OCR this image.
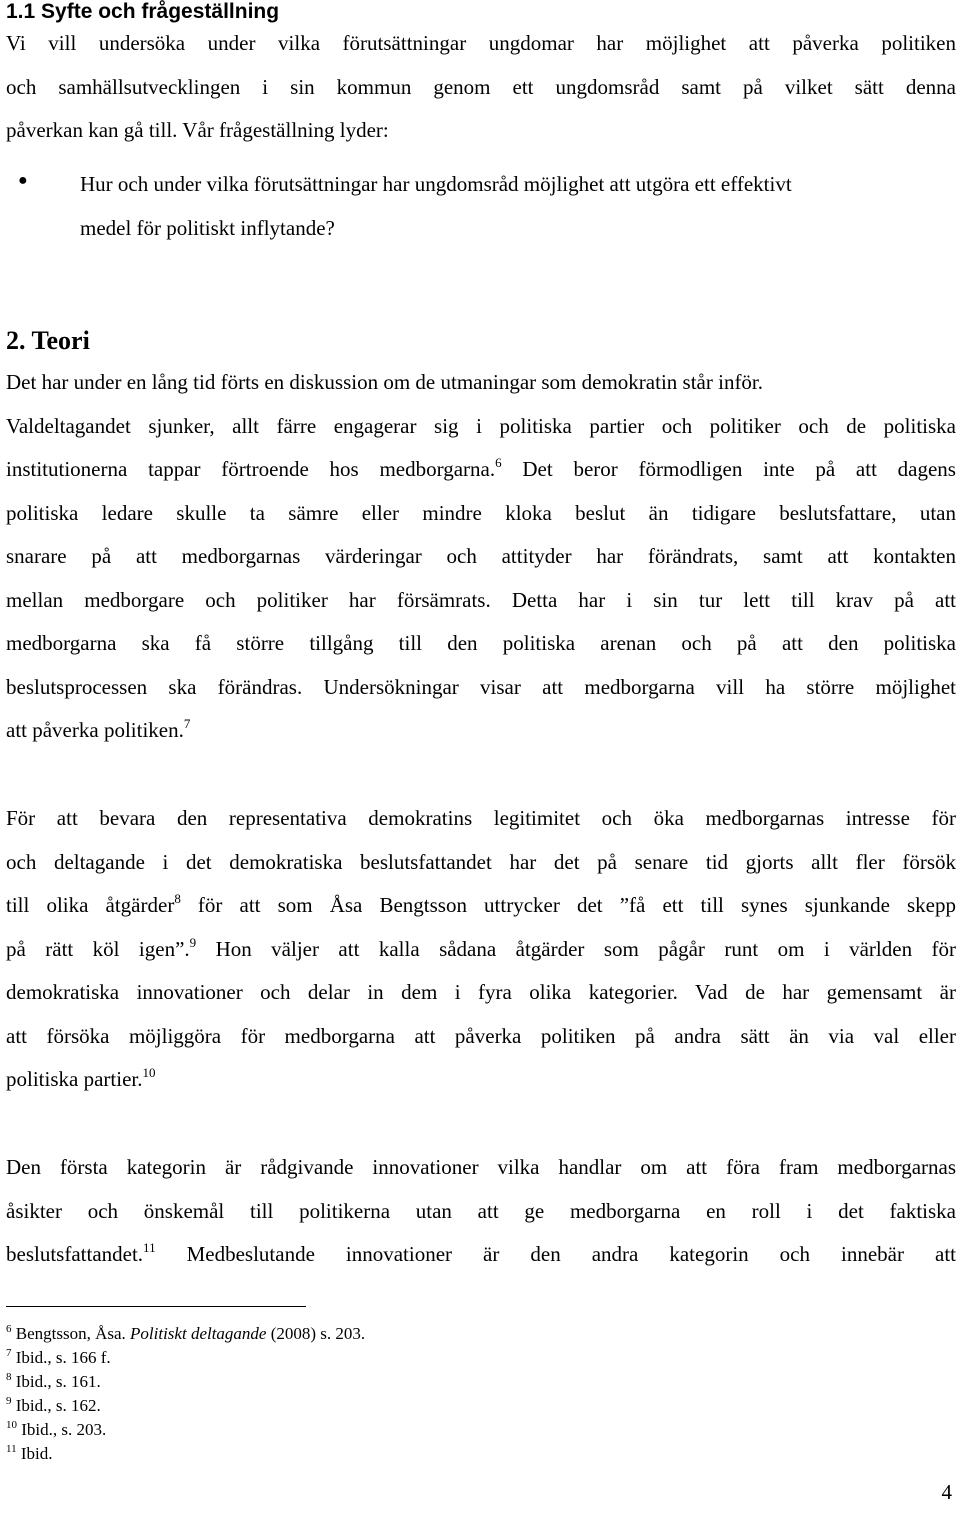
1.1 Syfte och frågeställning
Vi vill undersöka under vilka förutsättningar ungdomar har möjlighet att påverka politiken
och samhällsutvecklingen i sin kommun genom ett ungdomsråd samt på vilket sätt denna
påverkan kan gå till. Vår frågeställning lyder:
● Hur och under vilka förutsättningar har ungdomsråd möjlighet att utgöra ett effektivt
medel för politiskt inflytande?
2. Teori
Det har under en lång tid förts en diskussion om de utmaningar som demokratin står inför.
Valdeltagandet sjunker, allt färre engagerar sig i politiska partier och politiker och de politiska
institutionerna tappar förtroende hos medborgarna.$^6$ Det beror förmodligen inte på att dagens
politiska ledare skulle ta sämre eller mindre kloka beslut än tidigare beslutsfattare, utan
snarare på att medborgarnas värderingar och attityder har förändrats, samt att kontakten
mellan medborgare och politiker har försämrats. Detta har i sin tur lett till krav på att
medborgarna ska få större tillgång till den politiska arenan och på att den politiska
beslutsprocessen ska förändras. Undersökningar visar att medborgarna vill ha större möjlighet
att påverka politiken.$^7$
För att bevara den representativa demokratins legitimitet och öka medborgarnas intresse för
och deltagande i det demokratiska beslutsfattandet har det på senare tid gjorts allt fler försök
till olika åtgärder$^8$ för att som Åsa Bengtsson uttrycker det ”få ett till synes sjunkande skepp
på rätt köl igen”.$^9$ Hon väljer att kalla sådana åtgärder som pågår runt om i världen för
demokratiska innovationer och delar in dem i fyra olika kategorier. Vad de har gemensamt är
att försöka möjliggöra för medborgarna att påverka politiken på andra sätt än via val eller
politiska partier.$^{10}$
Den första kategorin är rådgivande innovationer vilka handlar om att föra fram medborgarnas
åsikter och önskemål till politikerna utan att ge medborgarna en roll i det faktiska
beslutsfattandet.$^{11}$ Medbeslutande innovationer är den andra kategorin och innebär att
$^6$ Bengtsson, Åsa. Politiskt deltagande (2008) s. 203.
$^7$ Ibid., s. 166 f.
$^8$ Ibid., s. 161.
$^9$ Ibid., s. 162.
$^{10}$ Ibid., s. 203.
$^{11}$ Ibid.
4
